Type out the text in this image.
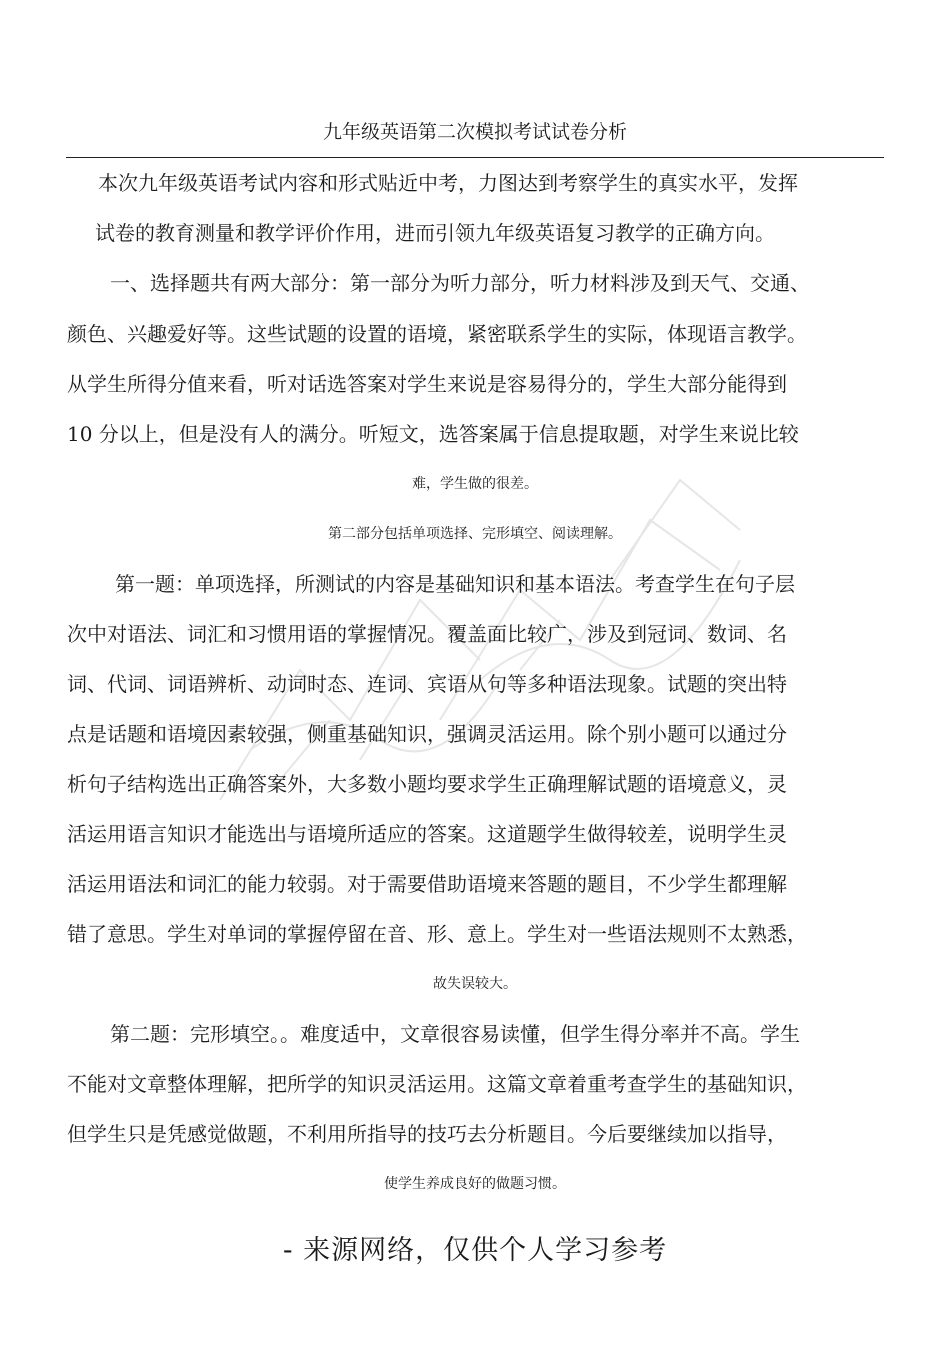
九年级英语第二次模拟考试试卷分析
本次九年级英语考试内容和形式贴近中考，力图达到考察学生的真实水平，发挥
试卷的教育测量和教学评价作用，进而引领九年级英语复习教学的正确方向。
一、选择题共有两大部分：第一部分为听力部分，听力材料涉及到天气、交通、
颜色、兴趣爱好等。这些试题的设置的语境，紧密联系学生的实际，体现语言教学。
从学生所得分值来看，听对话选答案对学生来说是容易得分的，学生大部分能得到
10 分以上，但是没有人的满分。听短文，选答案属于信息提取题，对学生来说比较
难，学生做的很差。
第二部分包括单项选择、完形填空、阅读理解。
第一题：单项选择，所测试的内容是基础知识和基本语法。考查学生在句子层
次中对语法、词汇和习惯用语的掌握情况。覆盖面比较广，涉及到冠词、数词、名
词、代词、词语辨析、动词时态、连词、宾语从句等多种语法现象。试题的突出特
点是话题和语境因素较强，侧重基础知识，强调灵活运用。除个别小题可以通过分
析句子结构选出正确答案外，大多数小题均要求学生正确理解试题的语境意义，灵
活运用语言知识才能选出与语境所适应的答案。这道题学生做得较差，说明学生灵
活运用语法和词汇的能力较弱。对于需要借助语境来答题的题目，不少学生都理解
错了意思。学生对单词的掌握停留在音、形、意上。学生对一些语法规则不太熟悉，
故失误较大。
第二题：完形填空。。难度适中，文章很容易读懂，但学生得分率并不高。学生
不能对文章整体理解，把所学的知识灵活运用。这篇文章着重考查学生的基础知识，
但学生只是凭感觉做题，不利用所指导的技巧去分析题目。今后要继续加以指导，
使学生养成良好的做题习惯。
- 来源网络，仅供个人学习参考
